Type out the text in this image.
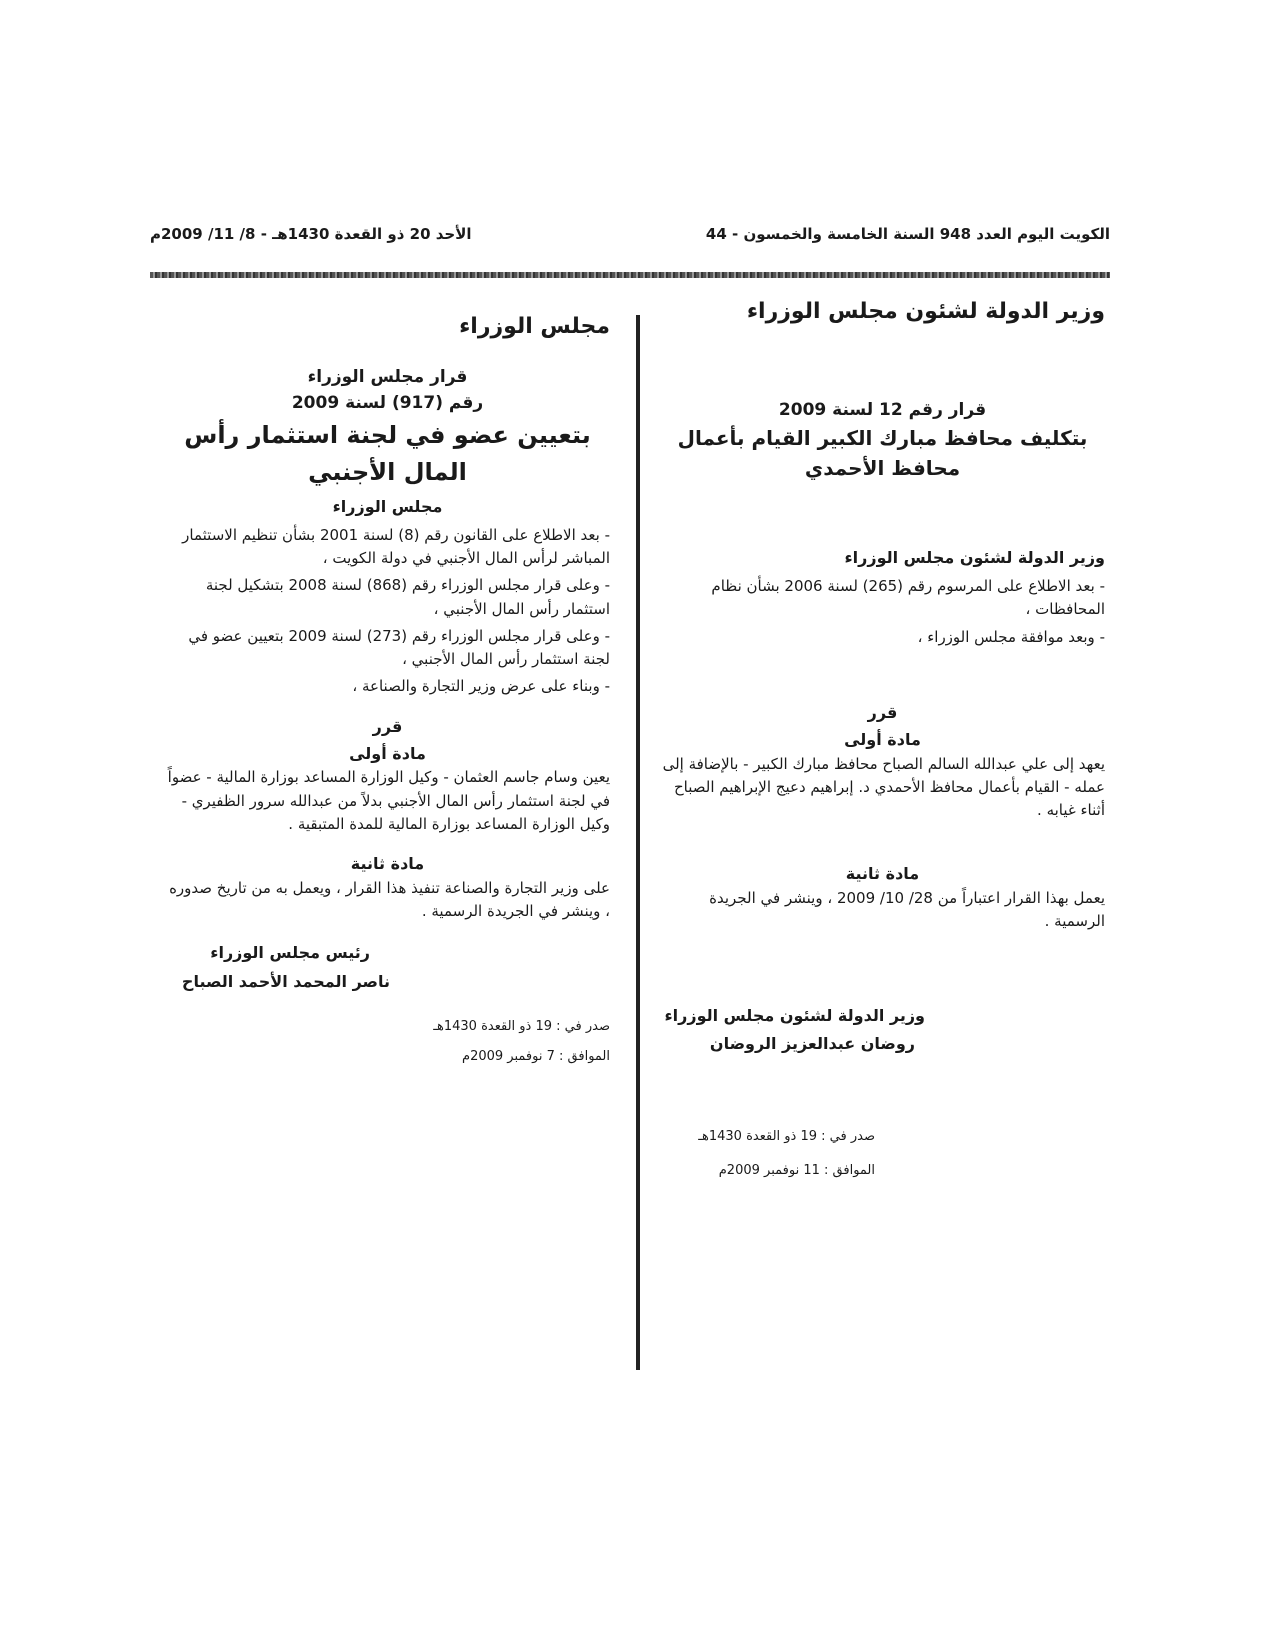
الكويت اليوم العدد 948 السنة الخامسة والخمسون - 44
الأحد 20 ذو القعدة 1430هـ - 8/ 11/ 2009م
وزير الدولة لشئون مجلس الوزراء
قرار رقم 12 لسنة 2009
بتكليف محافظ مبارك الكبير القيام بأعمال محافظ الأحمدي
وزير الدولة لشئون مجلس الوزراء

- بعد الاطلاع على المرسوم رقم (265) لسنة 2006 بشأن نظام المحافظات ،

- وبعد موافقة مجلس الوزراء ،

قرر
مادة أولى

يعهد إلى علي عبدالله السالم الصباح محافظ مبارك الكبير - بالإضافة إلى عمله - القيام بأعمال محافظ الأحمدي د. إبراهيم دعيج الإبراهيم الصباح أثناء غيابه .

مادة ثانية

يعمل بهذا القرار اعتباراً من 28/ 10/ 2009 ، وينشر في الجريدة الرسمية .

وزير الدولة لشئون مجلس الوزراء
روضان عبدالعزيز الروضان

صدر في : 19 ذو القعدة 1430هـ

الموافق : 11 نوفمبر 2009م

مجلس الوزراء
قرار مجلس الوزراء
رقم (917) لسنة 2009
بتعيين عضو في لجنة استثمار رأس المال الأجنبي
مجلس الوزراء

- بعد الاطلاع على القانون رقم (8) لسنة 2001 بشأن تنظيم الاستثمار المباشر لرأس المال الأجنبي في دولة الكويت ،

- وعلى قرار مجلس الوزراء رقم (868) لسنة 2008 بتشكيل لجنة استثمار رأس المال الأجنبي ،

- وعلى قرار مجلس الوزراء رقم (273) لسنة 2009 بتعيين عضو في لجنة استثمار رأس المال الأجنبي ،

- وبناء على عرض وزير التجارة والصناعة ،

قرر
مادة أولى

يعين وسام جاسم العثمان - وكيل الوزارة المساعد بوزارة المالية - عضواً في لجنة استثمار رأس المال الأجنبي بدلاً من عبدالله سرور الظفيري - وكيل الوزارة المساعد بوزارة المالية للمدة المتبقية .

مادة ثانية

على وزير التجارة والصناعة تنفيذ هذا القرار ، ويعمل به من تاريخ صدوره ، وينشر في الجريدة الرسمية .

رئيس مجلس الوزراء
ناصر المحمد الأحمد الصباح

صدر في : 19 ذو القعدة 1430هـ

الموافق : 7 نوفمبر 2009م
